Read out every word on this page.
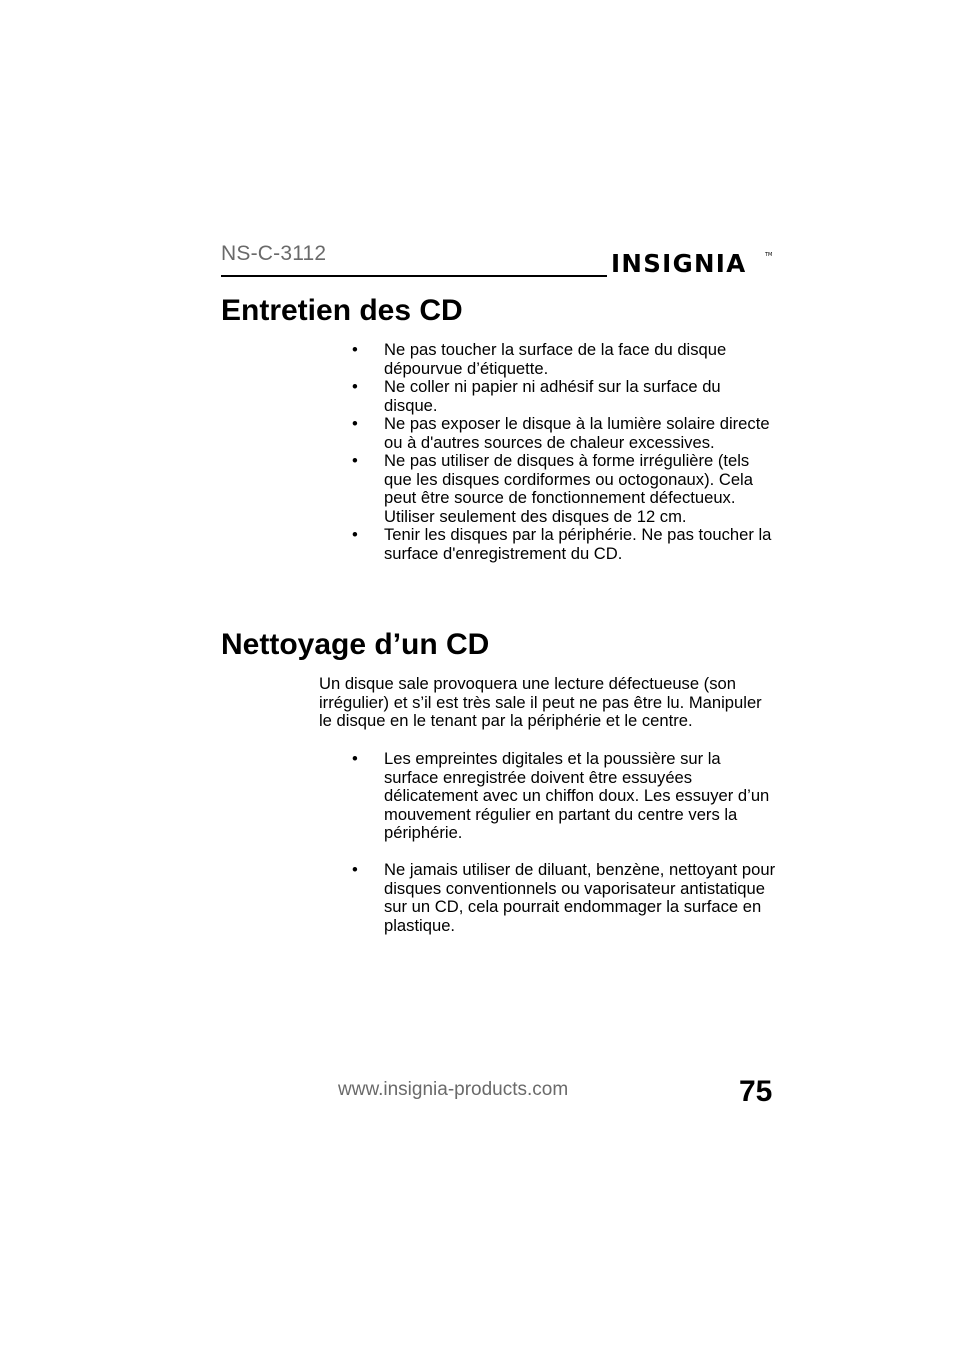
NS-C-3112	INSIGNIA	TM
Entretien des CD
• Ne pas toucher la surface de la face du disque dépourvue d’étiquette.
• Ne coller ni papier ni adhésif sur la surface du disque.
• Ne pas exposer le disque à la lumière solaire directe ou à d'autres sources de chaleur excessives.
• Ne pas utiliser de disques à forme irrégulière (tels que les disques cordiformes ou octogonaux). Cela peut être source de fonctionnement défectueux. Utiliser seulement des disques de 12 cm.
• Tenir les disques par la périphérie. Ne pas toucher la surface d'enregistrement du CD.
Nettoyage d’un CD

Un disque sale provoquera une lecture défectueuse (son irrégulier) et s’il est très sale il peut ne pas être lu. Manipuler le disque en le tenant par la périphérie et le centre.

• Les empreintes digitales et la poussière sur la surface enregistrée doivent être essuyées délicatement avec un chiffon doux. Les essuyer d’un mouvement régulier en partant du centre vers la périphérie.
• Ne jamais utiliser de diluant, benzène, nettoyant pour disques conventionnels ou vaporisateur antistatique sur un CD, cela pourrait endommager la surface en plastique.
www.insignia-products.com	75
